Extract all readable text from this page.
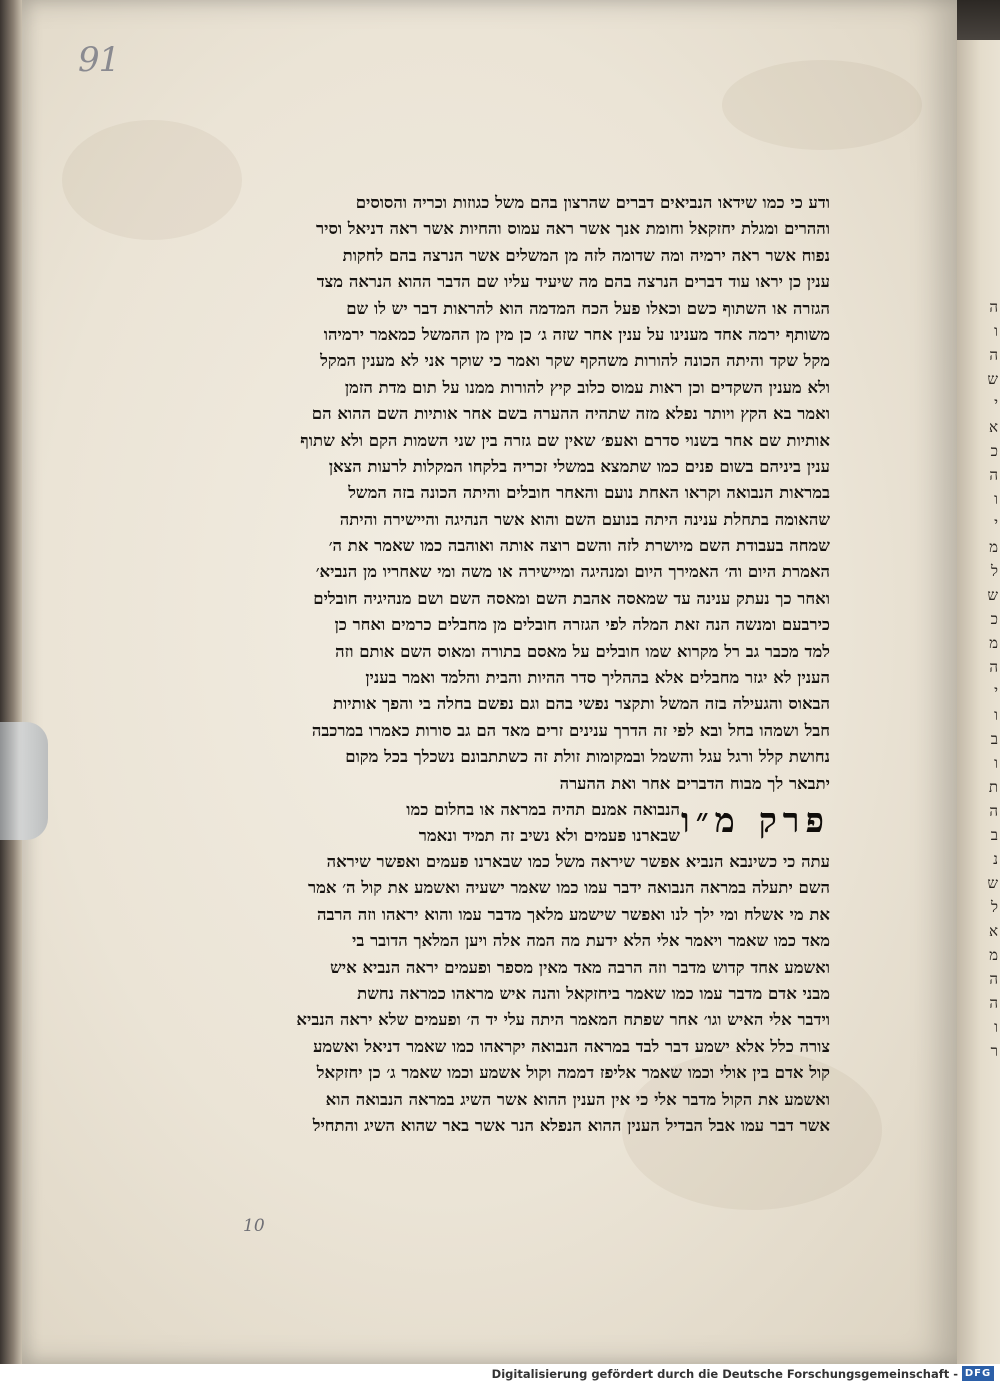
ה
ו
ה
ש
י
א
כ
ה
ו
י
מ
ל
ש
כ
מ
ה
י
ו
ב
ו
ת
ה
ב
נ
ש
ל
א
מ
ה
ה
ו
ר
91
10
ודע כי כמו שידאו הנביאים דברים שהרצון בהם משל כגוזות וכריה והסוסים
וההרים ומגלת יחזקאל וחומת אנך אשר ראה עמוס והחיות אשר ראה דניאל וסיר
נפוח אשר ראה ירמיה ומה שדומה לזה מן המשלים אשר הנרצה בהם לחקות
ענין כן יראו עוד דברים הנרצה בהם מה שיעיד עליו שם הדבר ההוא הנראה מצד
הגזרה או השתוף כשם וכאלו פעל הכח המדמה הוא להראות דבר יש לו שם
משותף ירמה אחד מענינו על ענין אחר שזה ג׳ כן מין מן ההמשל כמאמר ירמיהו
מקל שקד והיתה הכונה להורות משהקף שקר ואמר כי שוקר אני לא מענין המקל
ולא מענין השקדים וכן ראות עמוס כלוב קיץ להורות ממנו על תום מדת הזמן
ואמר בא הקץ ויותר נפלא מזה שתהיה ההערה בשם אחר אותיות השם ההוא הם
אותיות שם אחר בשנוי סדרם ואעפ׳ שאין שם גזרה בין שני השמות הקם ולא שתוף
ענין ביניהם בשום פנים כמו שתמצא במשלי זכריה בלקחו המקלות לרעות הצאן
במראות הנבואה וקראו האחת נועם והאחר חובלים והיתה הכונה בזה המשל
שהאומה בתחלת ענינה היתה בנועם השם והוא אשר הנהיגה והיישירה והיתה
שמחה בעבודת השם מיושרת לזה והשם רוצה אותה ואוהבה כמו שאמר את ה׳
האמרת היום וה׳ האמירך היום ומנהיגה ומיישירה או משה ומי שאחריו מן הנביא׳
ואחר כך נעתק ענינה עד שמאסה אהבת השם ומאסה השם ושם מנהיגיה חובלים
כירבעם ומנשה הנה זאת המלה לפי הגזרה חובלים מן מחבלים כרמים ואחר כן
למד מכבר גב רל מקרוא שמו חובלים על מאסם בתורה ומאוס השם אותם וזה
הענין לא יגזר מחבלים אלא בההליך סדר ההיות והבית והלמד ואמר בענין
הבאוס והגעילה בזה המשל ותקצר נפשי בהם וגם נפשם בחלה בי והפך אותיות
חבל ושמהו בחל ובא לפי זה הדרך ענינים זרים מאד הם גב סורות כאמרו במרכבה
נחושת קלל ורגל עגל והשמל ובמקומות זולת זה כשתתבונם נשכלך בכל מקום
יתבאר לך מבוח הדברים אחר ואת ההערה
פרק מ״ו
הנבואה אמנם תהיה במראה או בחלום כמו
שבארנו פעמים ולא נשיב זה תמיד ונאמר
עתה כי כשינבא הנביא אפשר שיראה משל כמו שבארנו פעמים ואפשר שיראה
השם יתעלה במראה הנבואה ידבר עמו כמו שאמר ישעיה ואשמע את קול ה׳ אמר
את מי אשלח ומי ילך לנו ואפשר שישמע מלאך מדבר עמו והוא יראהו וזה הרבה
מאד כמו שאמר ויאמר אלי הלא ידעת מה המה אלה ויען המלאך הדובר בי
ואשמע אחד קדוש מדבר וזה הרבה מאד מאין מספר ופעמים יראה הנביא איש
מבני אדם מדבר עמו כמו שאמר ביחזקאל והנה איש מראהו כמראה נחשת
וידבר אלי האיש וגו׳ אחר שפתח המאמר היתה עלי יד ה׳ ופעמים שלא יראה הנביא
צורה כלל אלא ישמע דבר לבד במראה הנבואה יקראהו כמו שאמר דניאל ואשמע
קול אדם בין אולי וכמו שאמר אליפז דממה וקול אשמע וכמו שאמר ג׳ כן יחזקאל
ואשמע את הקול מדבר אלי כי אין הענין ההוא אשר השיג במראה הנבואה הוא
אשר דבר עמו אבל הבדיל הענין ההוא הנפלא הנר אשר באר שהוא השיג והתחיל
Digitalisierung gefördert durch die Deutsche Forschungsgemeinschaft - DFG
